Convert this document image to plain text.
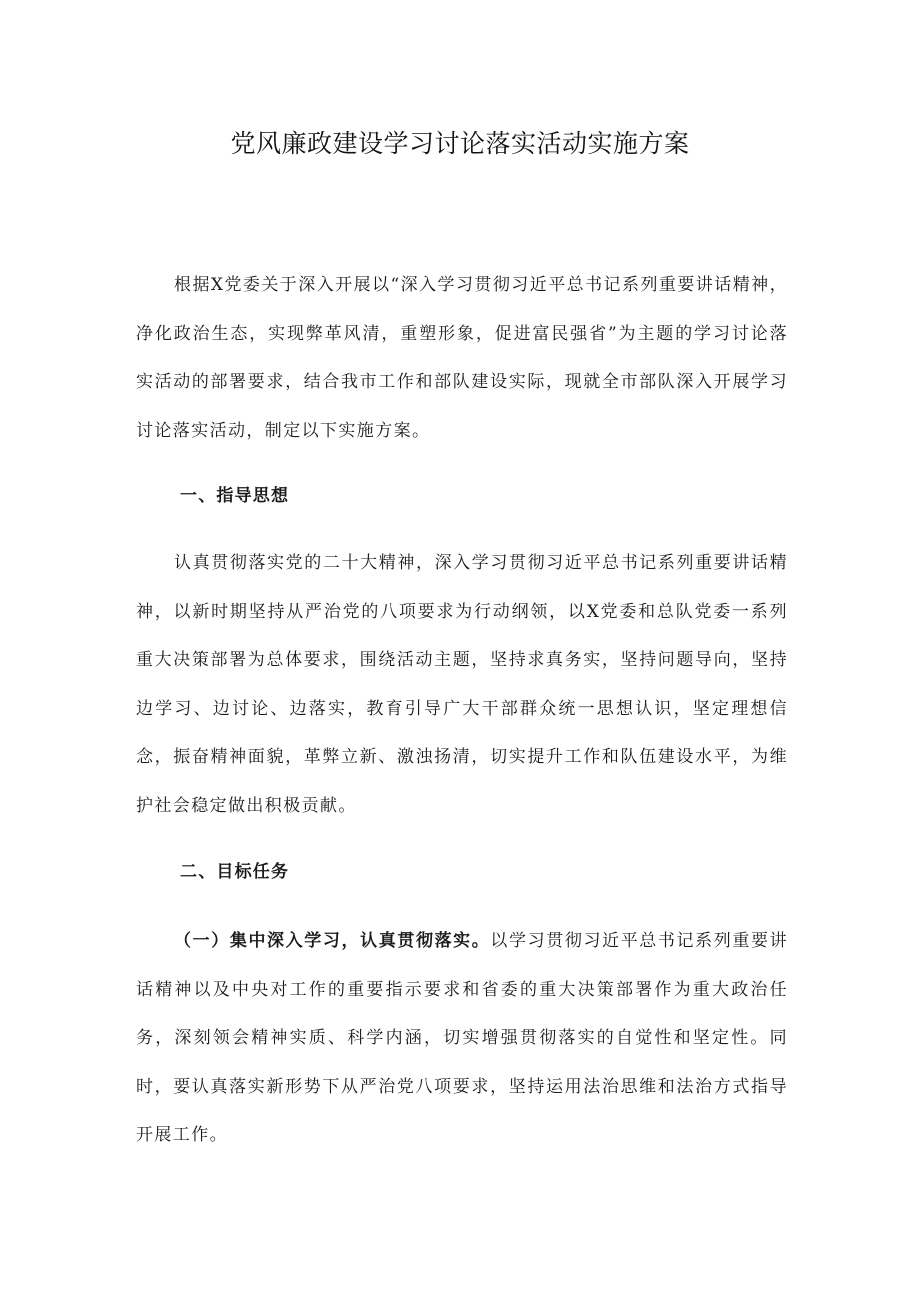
党风廉政建设学习讨论落实活动实施方案

根据X党委关于深入开展以“深入学习贯彻习近平总书记系列重要讲话精神，净化政治生态，实现弊革风清，重塑形象，促进富民强省”为主题的学习讨论落实活动的部署要求，结合我市工作和部队建设实际，现就全市部队深入开展学习讨论落实活动，制定以下实施方案。

一、指导思想

认真贯彻落实党的二十大精神，深入学习贯彻习近平总书记系列重要讲话精神，以新时期坚持从严治党的八项要求为行动纲领，以X党委和总队党委一系列重大决策部署为总体要求，围绕活动主题，坚持求真务实，坚持问题导向，坚持边学习、边讨论、边落实，教育引导广大干部群众统一思想认识，坚定理想信念，振奋精神面貌，革弊立新、激浊扬清，切实提升工作和队伍建设水平，为维护社会稳定做出积极贡献。

二、目标任务

（一）集中深入学习，认真贯彻落实。以学习贯彻习近平总书记系列重要讲话精神以及中央对工作的重要指示要求和省委的重大决策部署作为重大政治任务，深刻领会精神实质、科学内涵，切实增强贯彻落实的自觉性和坚定性。同时，要认真落实新形势下从严治党八项要求，坚持运用法治思维和法治方式指导开展工作。
